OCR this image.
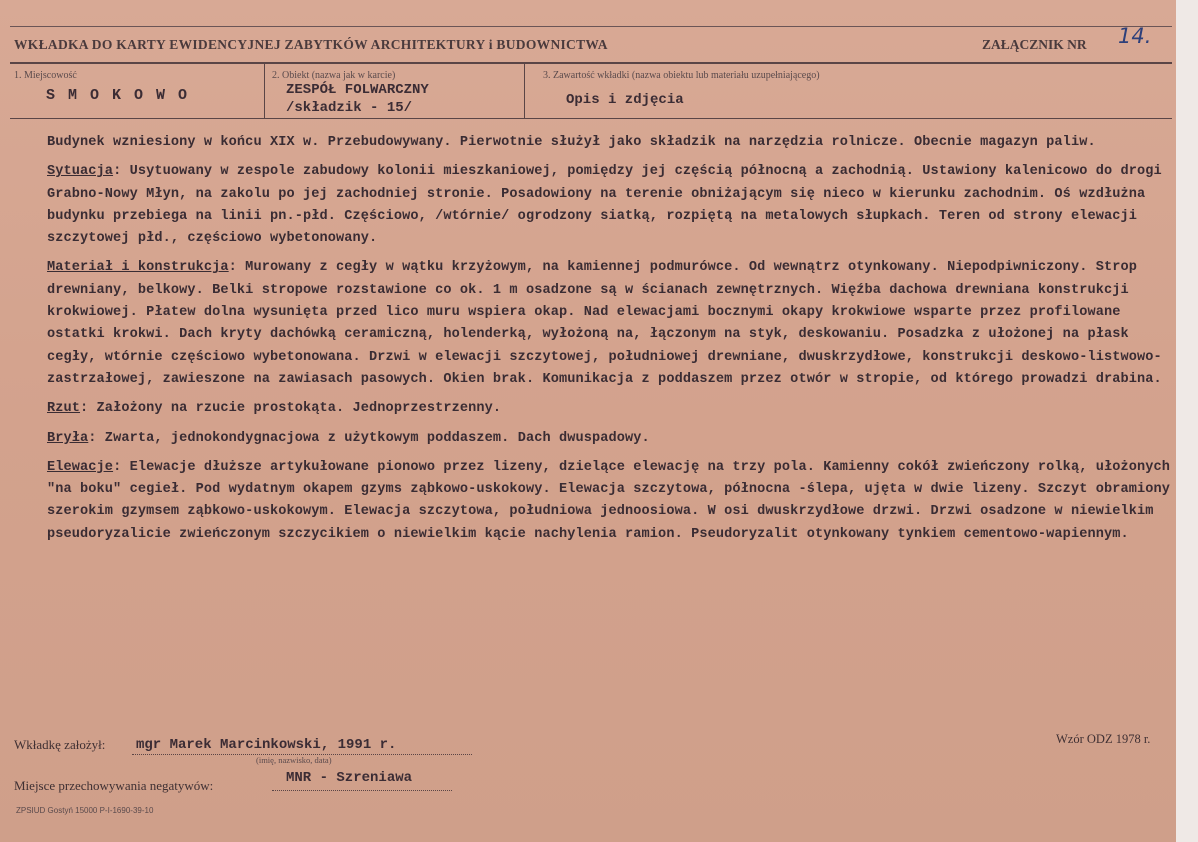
WKŁADKA DO KARTY EWIDENCYJNEJ ZABYTKÓW ARCHITEKTURY i BUDOWNICTWA	ZAŁĄCZNIK NR 14.
1. Miejscowość
S M O K O W O
2. Obiekt (nazwa jak w karcie)
ZESPÓŁ FOLWARCZNY
/składzik - 15/
3. Zawartość wkładki (nazwa obiektu lub materiału uzupełniającego)
Opis i zdjęcia

Budynek wzniesiony w końcu XIX w. Przebudowywany. Pierwotnie służył jako składzik na narzędzia rolnicze. Obecnie magazyn paliw.

Sytuacja: Usytuowany w zespole zabudowy kolonii mieszkaniowej, pomiędzy jej częścią północną a zachodnią. Ustawiony kalenicowo do drogi Grabno-Nowy Młyn, na zakolu po jej zachodniej stronie. Posadowiony na terenie obniżającym się nieco w kierunku zachodnim. Oś wzdłużna budynku przebiega na linii pn.-płd. Częściowo, /wtórnie/ ogrodzony siatką, rozpiętą na metalowych słupkach. Teren od strony elewacji szczytowej płd., częściowo wybetonowany.

Materiał i konstrukcja: Murowany z cegły w wątku krzyżowym, na kamiennej podmurówce. Od wewnątrz otynkowany. Niepodpiwniczony. Strop drewniany, belkowy. Belki stropowe rozstawione co ok. 1 m osadzone są w ścianach zewnętrznych. Więźba dachowa drewniana konstrukcji krokwiowej. Płatew dolna wysunięta przed lico muru wspiera okap. Nad elewacjami bocznymi okapy krokwiowe wsparte przez profilowane ostatki krokwi. Dach kryty dachówką ceramiczną, holenderką, wyłożoną na, łączonym na styk, deskowaniu. Posadzka z ułożonej na płask cegły, wtórnie częściowo wybetonowana. Drzwi w elewacji szczytowej, południowej drewniane, dwuskrzydłowe, konstrukcji deskowo-listwowo-zastrzałowej, zawieszone na zawiasach pasowych. Okien brak. Komunikacja z poddaszem przez otwór w stropie, od którego prowadzi drabina.

Rzut: Założony na rzucie prostokąta. Jednoprzestrzenny.

Bryła: Zwarta, jednokondygnacjowa z użytkowym poddaszem. Dach dwuspadowy.

Elewacje: Elewacje dłuższe artykułowane pionowo przez lizeny, dzielące elewację na trzy pola. Kamienny cokół zwieńczony rolką, ułożonych "na boku" cegieł. Pod wydatnym okapem gzyms ząbkowo-uskokowy. Elewacja szczytowa, północna -ślepa, ujęta w dwie lizeny. Szczyt obramiony szerokim gzymsem ząbkowo-uskokowym. Elewacja szczytowa, południowa jednoosiowa. W osi dwuskrzydłowe drzwi. Drzwi osadzone w niewielkim pseudoryzalicie zwieńczonym szczycikiem o niewielkim kącie nachylenia ramion. Pseudoryzalit otynkowany tynkiem cementowo-wapiennym.

Wkładkę założył: mgr Marek Marcinkowski, 1991 r.
(imię, nazwisko, data)
Wzór ODZ 1978 r.
Miejsce przechowywania negatywów:	MNR - Szreniawa
ZPSIUD Gostyń 15000 P-I-1690-39-10
